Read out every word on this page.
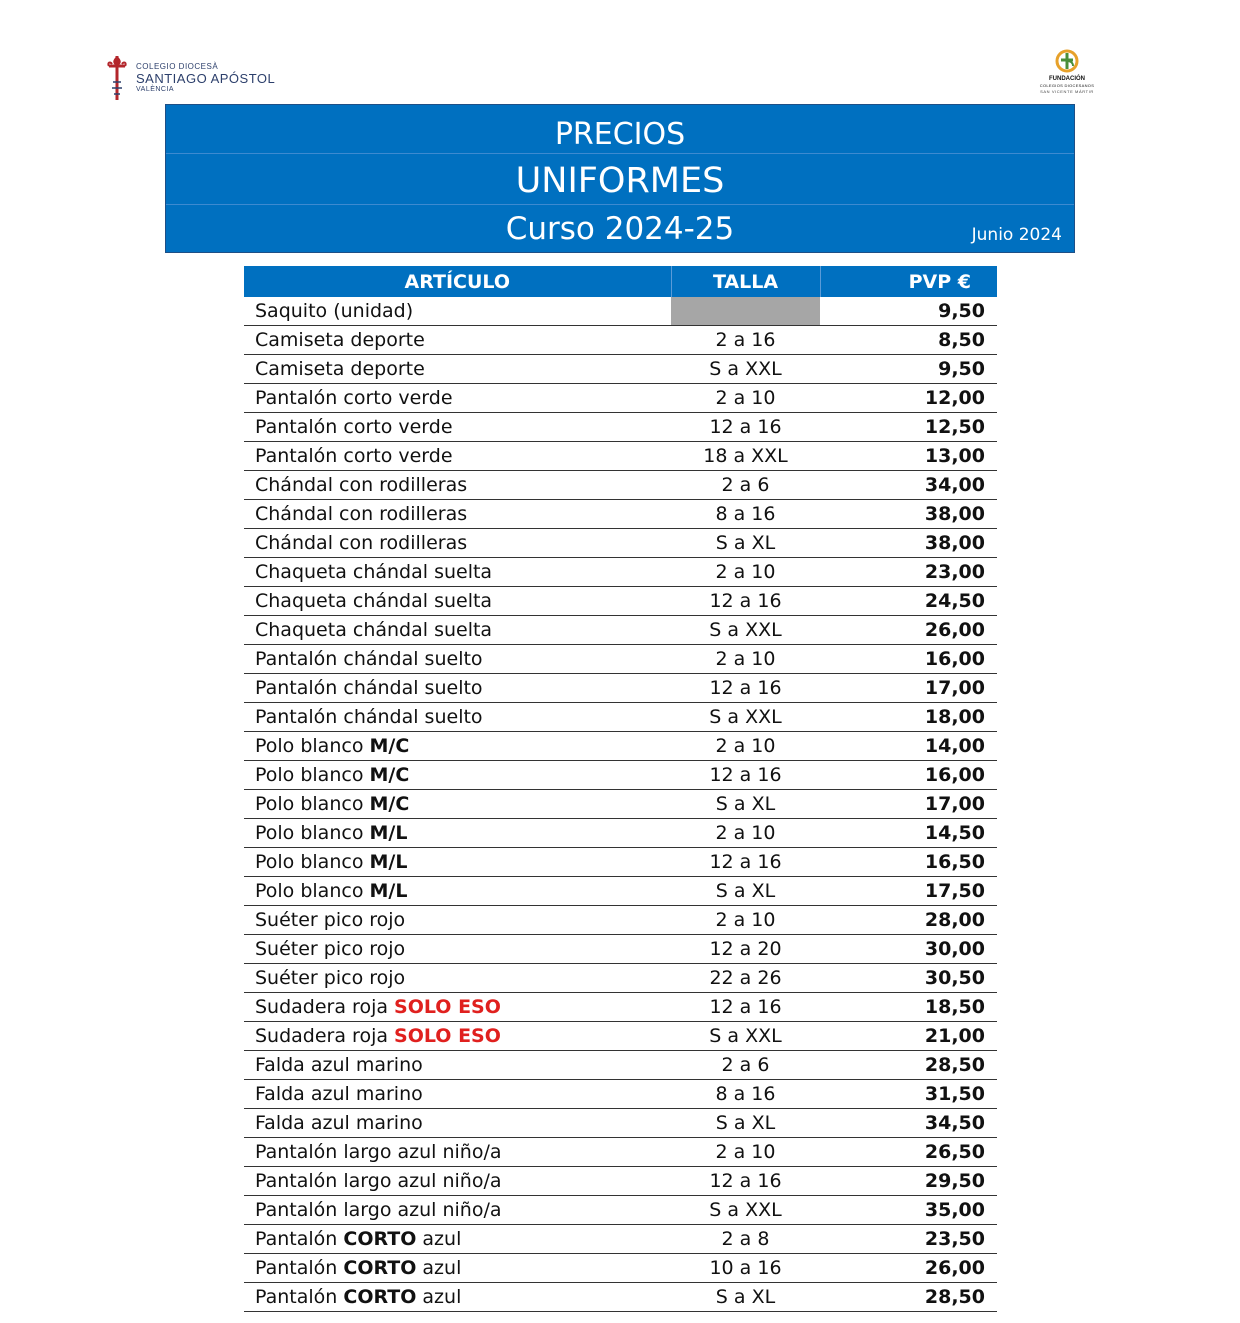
COLEGIO DIOCESÀ
SANTIAGO APÓSTOL
VALÈNCIA
FUNDACIÓN
COLEGIOS DIOCESANOS
SAN VICENTE MÁRTIR
PRECIOS
UNIFORMES
Curso 2024-25	Junio 2024
ARTÍCULO	TALLA	PVP €
Saquito (unidad)		9,50
Camiseta deporte	2 a 16	8,50
Camiseta deporte	S a XXL	9,50
Pantalón corto verde	2 a 10	12,00
Pantalón corto verde	12 a 16	12,50
Pantalón corto verde	18 a XXL	13,00
Chándal con rodilleras	2 a 6	34,00
Chándal con rodilleras	8 a 16	38,00
Chándal con rodilleras	S a XL	38,00
Chaqueta chándal suelta	2 a 10	23,00
Chaqueta chándal suelta	12 a 16	24,50
Chaqueta chándal suelta	S a XXL	26,00
Pantalón chándal suelto	2 a 10	16,00
Pantalón chándal suelto	12 a 16	17,00
Pantalón chándal suelto	S a XXL	18,00
Polo blanco M/C	2 a 10	14,00
Polo blanco M/C	12 a 16	16,00
Polo blanco M/C	S a XL	17,00
Polo blanco M/L	2 a 10	14,50
Polo blanco M/L	12 a 16	16,50
Polo blanco M/L	S a XL	17,50
Suéter pico rojo	2 a 10	28,00
Suéter pico rojo	12 a 20	30,00
Suéter pico rojo	22 a 26	30,50
Sudadera roja SOLO ESO	12 a 16	18,50
Sudadera roja SOLO ESO	S a XXL	21,00
Falda azul marino	2 a 6	28,50
Falda azul marino	8 a 16	31,50
Falda azul marino	S a XL	34,50
Pantalón largo azul niño/a	2 a 10	26,50
Pantalón largo azul niño/a	12 a 16	29,50
Pantalón largo azul niño/a	S a XXL	35,00
Pantalón CORTO azul	2 a 8	23,50
Pantalón CORTO azul	10 a 16	26,00
Pantalón CORTO azul	S a XL	28,50
